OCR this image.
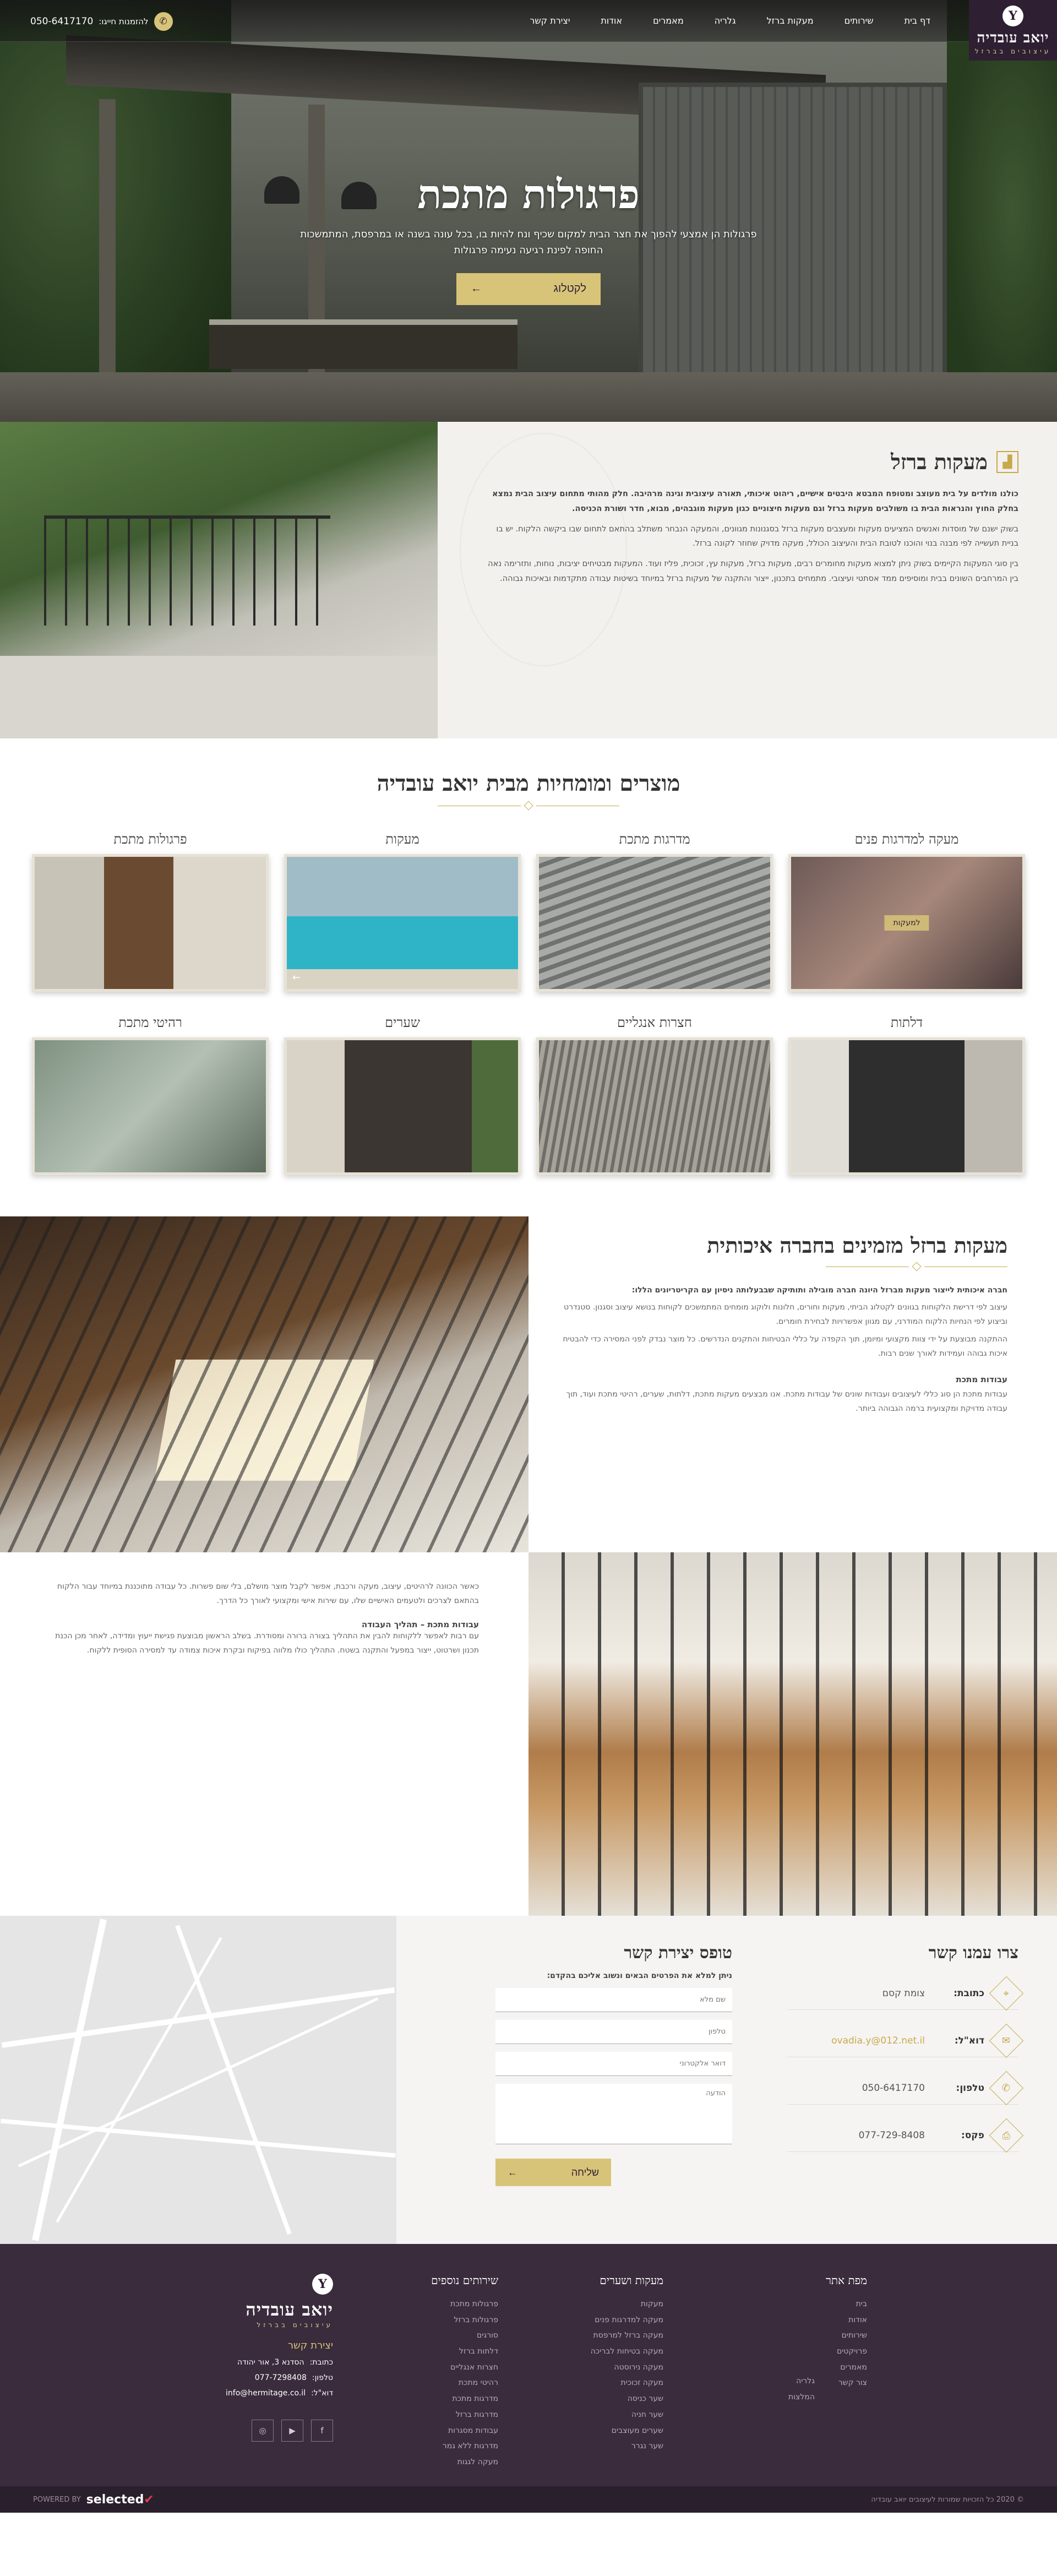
Y
יואב עובדיה
עיצובים בברזל
דף בית
שירותים
מעקות ברזל
גלריה
מאמרים
אודות
יצירת קשר
✆
להזמנות חייגו:
050-6417170
פרגולות מתכת

פרגולות הן אמצעי להפוך את חצר הבית למקום שכיף ונח להיות בו, בכל עונה בשנה או במרפסת, המתמשכות החופה לפינת רגיעה נעימה פרגולות

לקטלוג
←
▟
מעקות ברזל

כולנו מולדים על בית מעוצב ומטופח המבטא היבטים אישיים, ריהוט איכותי, תאורה עיצובית וגינה מרהיבה. חלק מהותי מתחום עיצוב הבית נמצא בחלק החוץ והנראות הבית בו משולבים מעקות ברזל וגם מעקות חיצוניים כגון מעקות מוגבהים, מבוא, חדר ושורת הכניסה.

בשוק ישנם של מוסדות ואנשים המציעים מעקות ומעצבים מעקות ברזל בסגנונות מגוונים, והמעקה הנבחר משתלב בהתאם לתחום שבו ביקשה הלקוח. יש בו בניית תעשייה לפי מבנה בנוי והוכנו לטובת הבית והעיצוב הכולל, מעקה מדויק שחוזר לקונה ברזל.

בין סוגי המעקות הקיימים בשוק ניתן למצוא מעקות מחומרים רבים, מעקות ברזל, מעקות עץ, זכוכית, פליז ועוד. המעקות מבטיחים יציבות, נוחות, ותזרימה נאה בין המרחבים השונים בבית ומוסיפים ממד אסתטי ועיצובי. מתמחים בתכנון, ייצור והתקנה של מעקות ברזל במיוחד בשיטות עבודה מתקדמות ובאיכות גבוהה.

מוצרים ומומחיות מבית יואב עובדיה
מעקה למדרגות פנים
למעקות
מדרגות מתכת
מעקות
←
פרגולות מתכת
דלתות
חצרות אנגליים
שערים
רהיטי מתכת
מעקות ברזל מזמינים בחברה איכותית

חברה איכותית לייצור מעקות מברזל היונה חברה מובילה ותותיקה שבבעלותה ניסיון עם הקריטריונים הללו:

עיצוב לפי דרישת הלקוחות בגוונים לקטלוג הביתי, מעקות וחורים, חלונות ולוקוג מומחים המתמשכים לקוחות בנושא עיצוב וסגנון. סטנדרט וביצוע לפי הנחיות הלקוח המודרני, עם מגוון אפשרויות לבחירת חומרים.

ההתקנה מבוצעת על ידי צוות מקצועי ומיומן, תוך הקפדה על כללי הבטיחות והתקנים הנדרשים. כל מוצר נבדק לפני המסירה כדי להבטיח איכות גבוהה ועמידות לאורך שנים רבות.

עבודות מתכת

עבודות מתכת הן סוג כללי לעיצובים ועבודות שונים של עבודות מתכת. אנו מבצעים מעקות מתכת, דלתות, שערים, רהיטי מתכת ועוד, תוך עבודה מדויקת ומקצועית ברמה הגבוהה ביותר.

כאשר הכוונה לרהיטים, עיצוב, מעקה ורכבת, אפשר לקבל מוצר מושלם, בלי שום פשרות. כל עבודה מתוכננת במיוחד עבור הלקוח בהתאם לצרכים ולטעמים האישיים שלו, עם שירות אישי ומקצועי לאורך כל הדרך.

עבודות מתכת – תהליך העבודה

עם רבות לאפשר ללקוחות להבין את התהליך בצורה ברורה ומסודרת. בשלב הראשון מבוצעת פגישת ייעוץ ומדידה, לאחר מכן הכנת תכנון ושרטוט, ייצור במפעל והתקנה בשטח. התהליך כולו מלווה בפיקוח ובקרת איכות צמודה עד למסירה הסופית ללקוח.

צרו עמנו קשר
⌖
כתובת:
צומת קסם
✉
דוא"ל:
ovadia.y@012.net.il
✆
טלפון:
050-6417170
⎙
פקס:
077-729-8408
טופס יצירת קשר

ניתן למלא את הפרטים הבאים ונשוב אליכם בהקדם:

שם מלא
טלפון
דואר אלקטרוני
הודעה
שליחה
←
מפת אתר
בית
אודות
שירותים
פרויקטים
מאמרים
צור קשר
גלריה
המלצות
מעקות ושערים
מעקות
מעקה למדרגות פנים
מעקה ברזל למרפסת
מעקה בטיחות לבריכה
מעקה נירוסטה
מעקה זכוכית
שער כניסה
שער חניה
שערים מעוצבים
שער נגרר
שירותים נוספים
פרגולות מתכת
פרגולות ברזל
סורגים
דלתות ברזל
חצרות אנגליים
רהיטי מתכת
מדרגות מתכת
מדרגות ברזל
עבודות מסגרות
מדרגות ללא גמר
מעקה לגגות
Y
יואב עובדיה
עיצובים בברזל
יצירת קשר
כתובת:
הסדנא 3, אור יהודה
טלפון:
077-7298408
דוא"ל:
info@hermitage.co.il
f
▶
◎
© 2020 כל הזכויות שמורות לעיצובים יואב עובדיה
✔selected
POWERED BY
